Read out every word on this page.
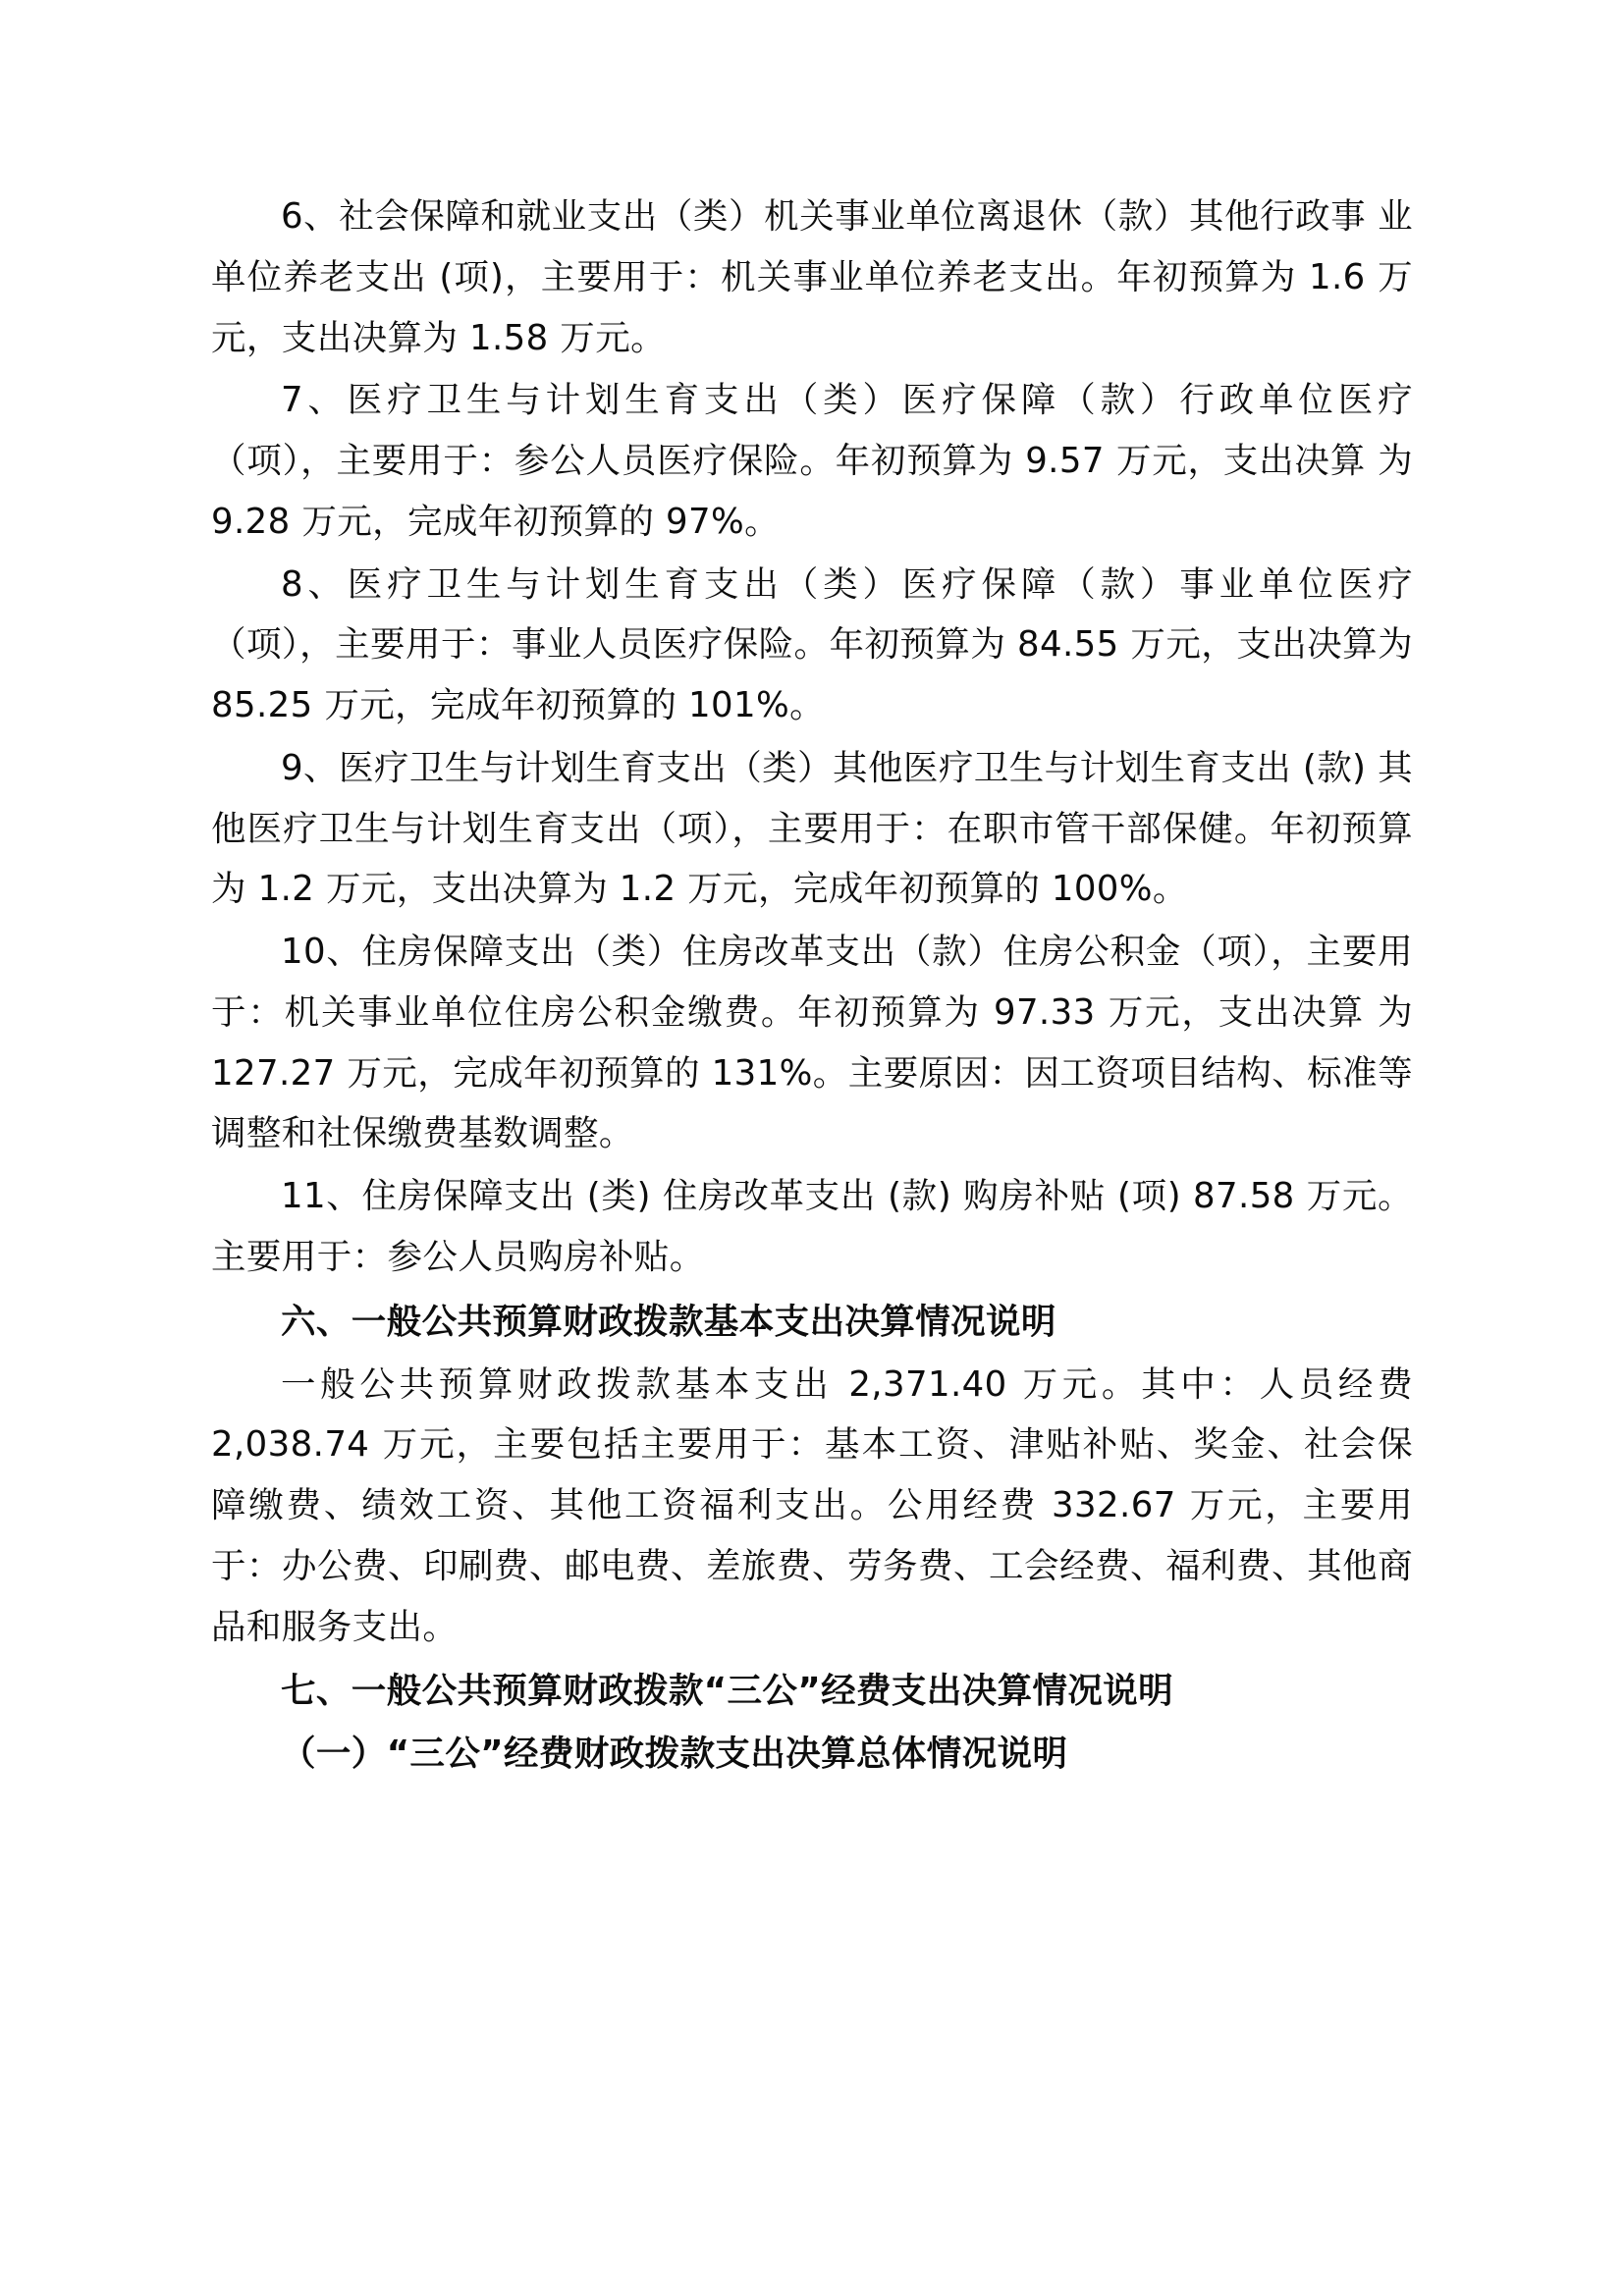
6、社会保障和就业支出（类）机关事业单位离退休（款）其他行政事 业单位养老支出 (项)，主要用于：机关事业单位养老支出。年初预算为 1.6 万元，支出决算为 1.58 万元。

7、医疗卫生与计划生育支出（类）医疗保障（款）行政单位医疗（项），主要用于：参公人员医疗保险。年初预算为 9.57 万元，支出决算 为 9.28 万元，完成年初预算的 97%。

8、医疗卫生与计划生育支出（类）医疗保障（款）事业单位医疗（项），主要用于：事业人员医疗保险。年初预算为 84.55 万元，支出决算为 85.25 万元，完成年初预算的 101%。

9、医疗卫生与计划生育支出（类）其他医疗卫生与计划生育支出 (款) 其他医疗卫生与计划生育支出（项），主要用于：在职市管干部保健。年初预算为 1.2 万元，支出决算为 1.2 万元，完成年初预算的 100%。

10、住房保障支出（类）住房改革支出（款）住房公积金（项），主要用于：机关事业单位住房公积金缴费。年初预算为 97.33 万元，支出决算 为 127.27 万元，完成年初预算的 131%。主要原因：因工资项目结构、标准等调整和社保缴费基数调整。

11、住房保障支出 (类) 住房改革支出 (款) 购房补贴 (项) 87.58 万元。主要用于：参公人员购房补贴。

六、一般公共预算财政拨款基本支出决算情况说明

一般公共预算财政拨款基本支出 2,371.40 万元。其中：人员经费 2,038.74 万元，主要包括主要用于：基本工资、津贴补贴、奖金、社会保 障缴费、绩效工资、其他工资福利支出。公用经费 332.67 万元，主要用于：办公费、印刷费、邮电费、差旅费、劳务费、工会经费、福利费、其他商品和服务支出。

七、一般公共预算财政拨款“三公”经费支出决算情况说明

（一）“三公”经费财政拨款支出决算总体情况说明
